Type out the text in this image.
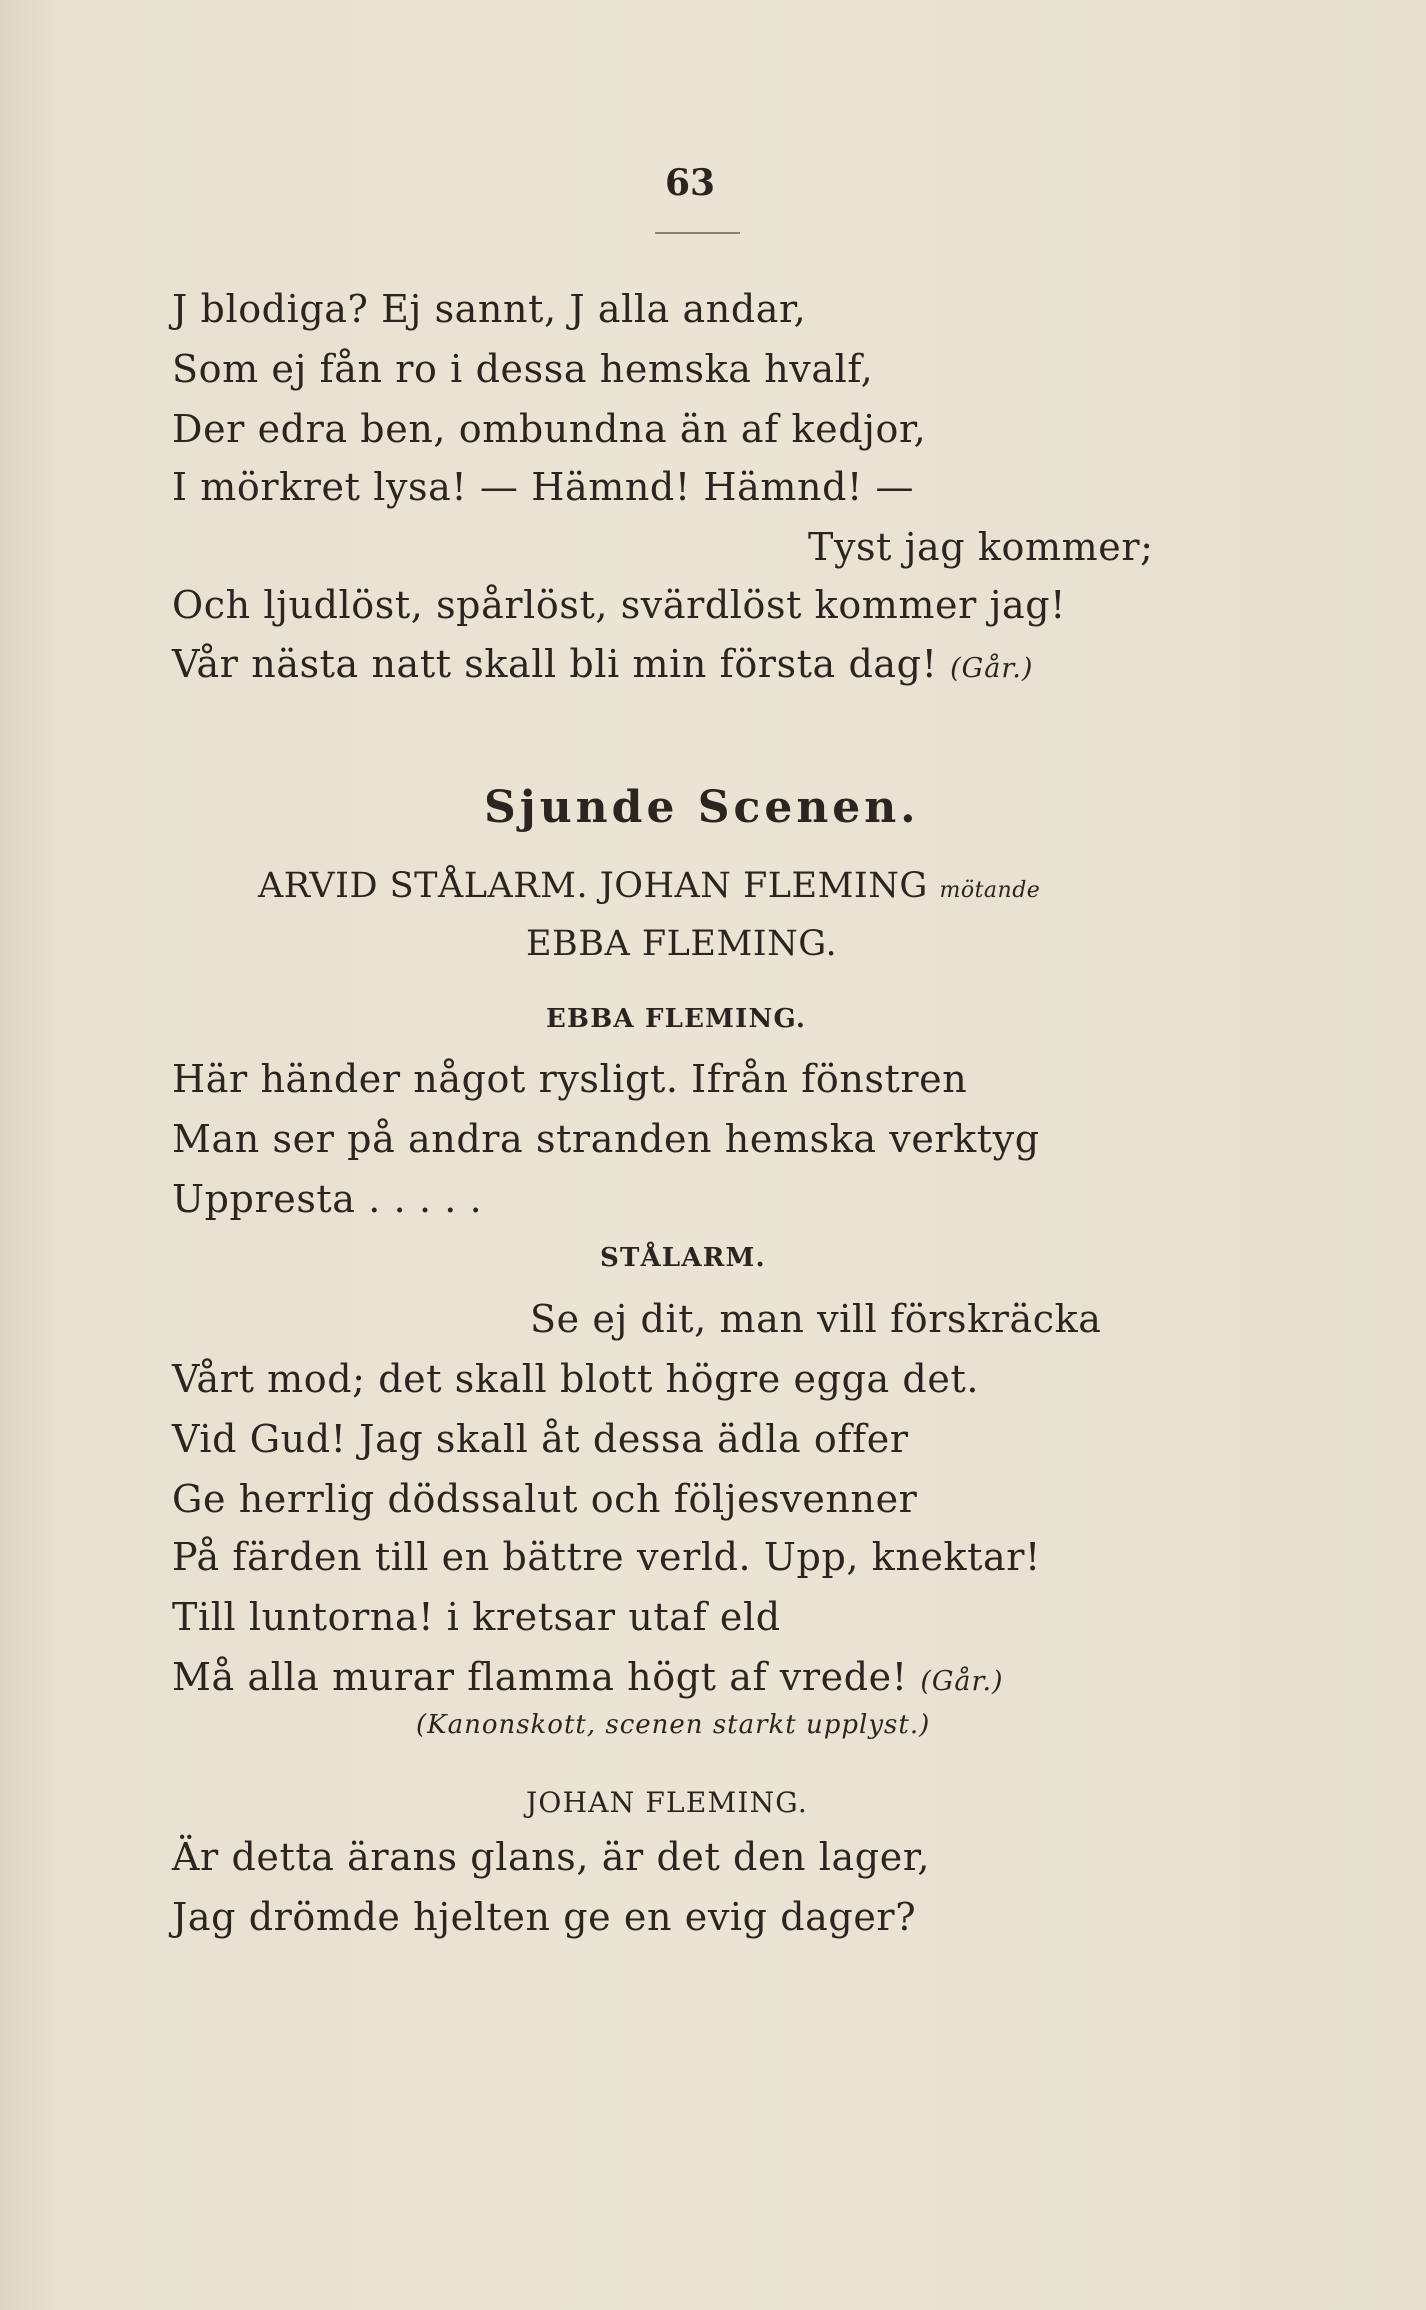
63
J blodiga? Ej sannt, J alla andar,
Som ej fån ro i dessa hemska hvalf,
Der edra ben, ombundna än af kedjor,
I mörkret lysa! — Hämnd! Hämnd! —
Tyst jag kommer;
Och ljudlöst, spårlöst, svärdlöst kommer jag!
Vår nästa natt skall bli min första dag! (Går.)
Sjunde Scenen.
ARVID STÅLARM. JOHAN FLEMING mötande
EBBA FLEMING.
EBBA FLEMING.
Här händer något rysligt. Ifrån fönstren
Man ser på andra stranden hemska verktyg
Uppresta . . . . .
STÅLARM.
Se ej dit, man vill förskräcka
Vårt mod; det skall blott högre egga det.
Vid Gud! Jag skall åt dessa ädla offer
Ge herrlig dödssalut och följesvenner
På färden till en bättre verld. Upp, knektar!
Till luntorna! i kretsar utaf eld
Må alla murar flamma högt af vrede! (Går.)
(Kanonskott, scenen starkt upplyst.)
JOHAN FLEMING.
Är detta ärans glans, är det den lager,
Jag drömde hjelten ge en evig dager?
